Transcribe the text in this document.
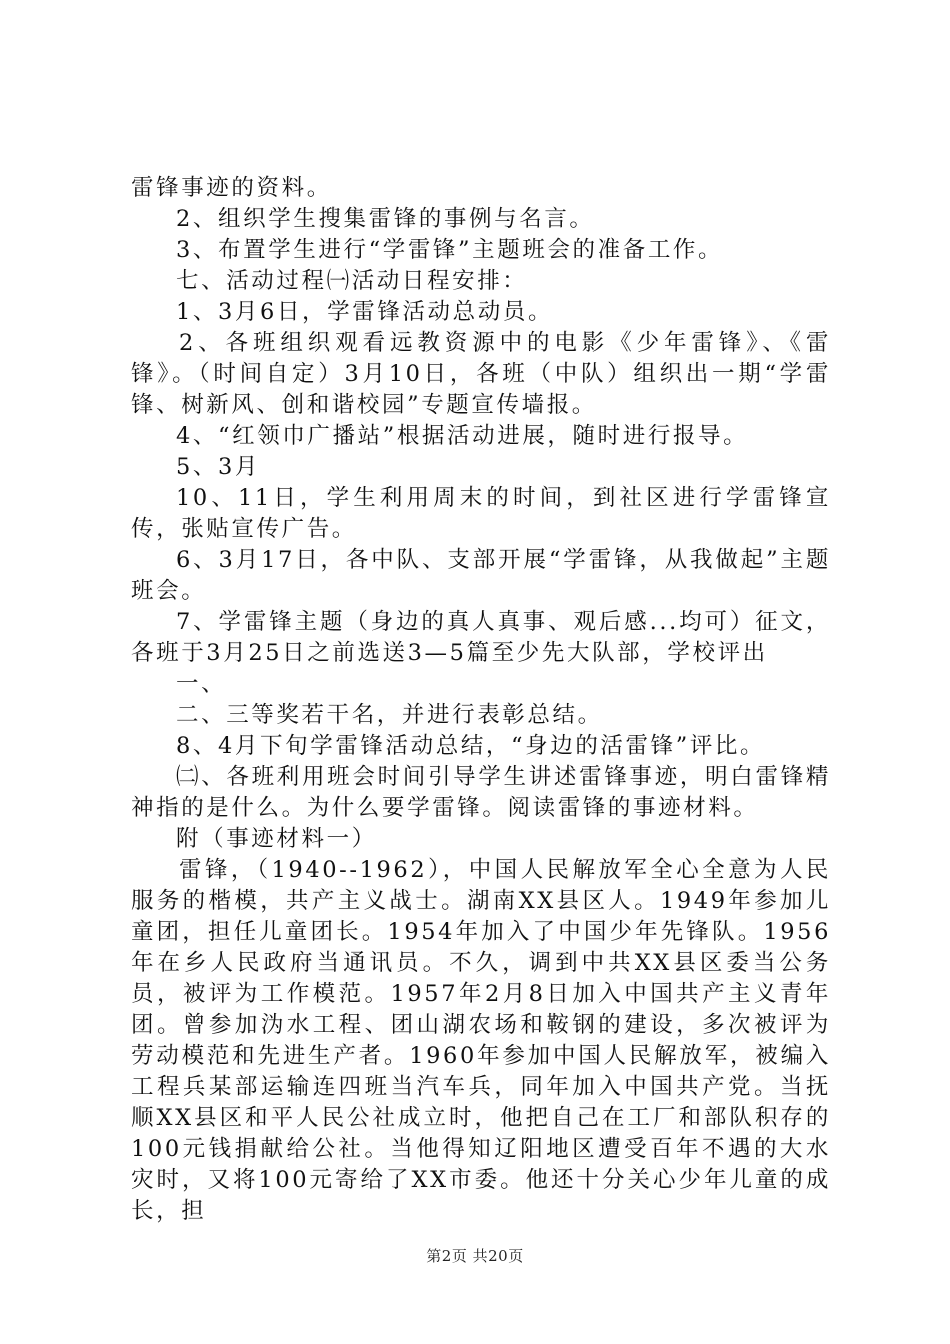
雷锋事迹的资料。

2、组织学生搜集雷锋的事例与名言。

3、布置学生进行“学雷锋”主题班会的准备工作。

七、活动过程㈠活动日程安排：

1、3月6日，学雷锋活动总动员。

2、各班组织观看远教资源中的电影《少年雷锋》、《雷锋》。（时间自定）3月10日，各班（中队）组织出一期“学雷锋、树新风、创和谐校园”专题宣传墙报。

4、“红领巾广播站”根据活动进展，随时进行报导。

5、3月

10、11日，学生利用周末的时间，到社区进行学雷锋宣传，张贴宣传广告。

6、3月17日，各中队、支部开展“学雷锋，从我做起”主题班会。

7、学雷锋主题（身边的真人真事、观后感...均可）征文，各班于3月25日之前选送3—5篇至少先大队部，学校评出

一、

二、三等奖若干名，并进行表彰总结。

8、4月下旬学雷锋活动总结，“身边的活雷锋”评比。

㈡、各班利用班会时间引导学生讲述雷锋事迹，明白雷锋精神指的是什么。为什么要学雷锋。阅读雷锋的事迹材料。

附（事迹材料一）

雷锋，（1940--1962），中国人民解放军全心全意为人民服务的楷模，共产主义战士。湖南XX县区人。1949年参加儿童团，担任儿童团长。1954年加入了中国少年先锋队。1956年在乡人民政府当通讯员。不久，调到中共XX县区委当公务员，被评为工作模范。1957年2月8日加入中国共产主义青年团。曾参加沩水工程、团山湖农场和鞍钢的建设，多次被评为劳动模范和先进生产者。1960年参加中国人民解放军，被编入工程兵某部运输连四班当汽车兵，同年加入中国共产党。当抚顺XX县区和平人民公社成立时，他把自己在工厂和部队积存的100元钱捐献给公社。当他得知辽阳地区遭受百年不遇的大水灾时，又将100元寄给了XX市委。他还十分关心少年儿童的成长，担

第2页 共20页
